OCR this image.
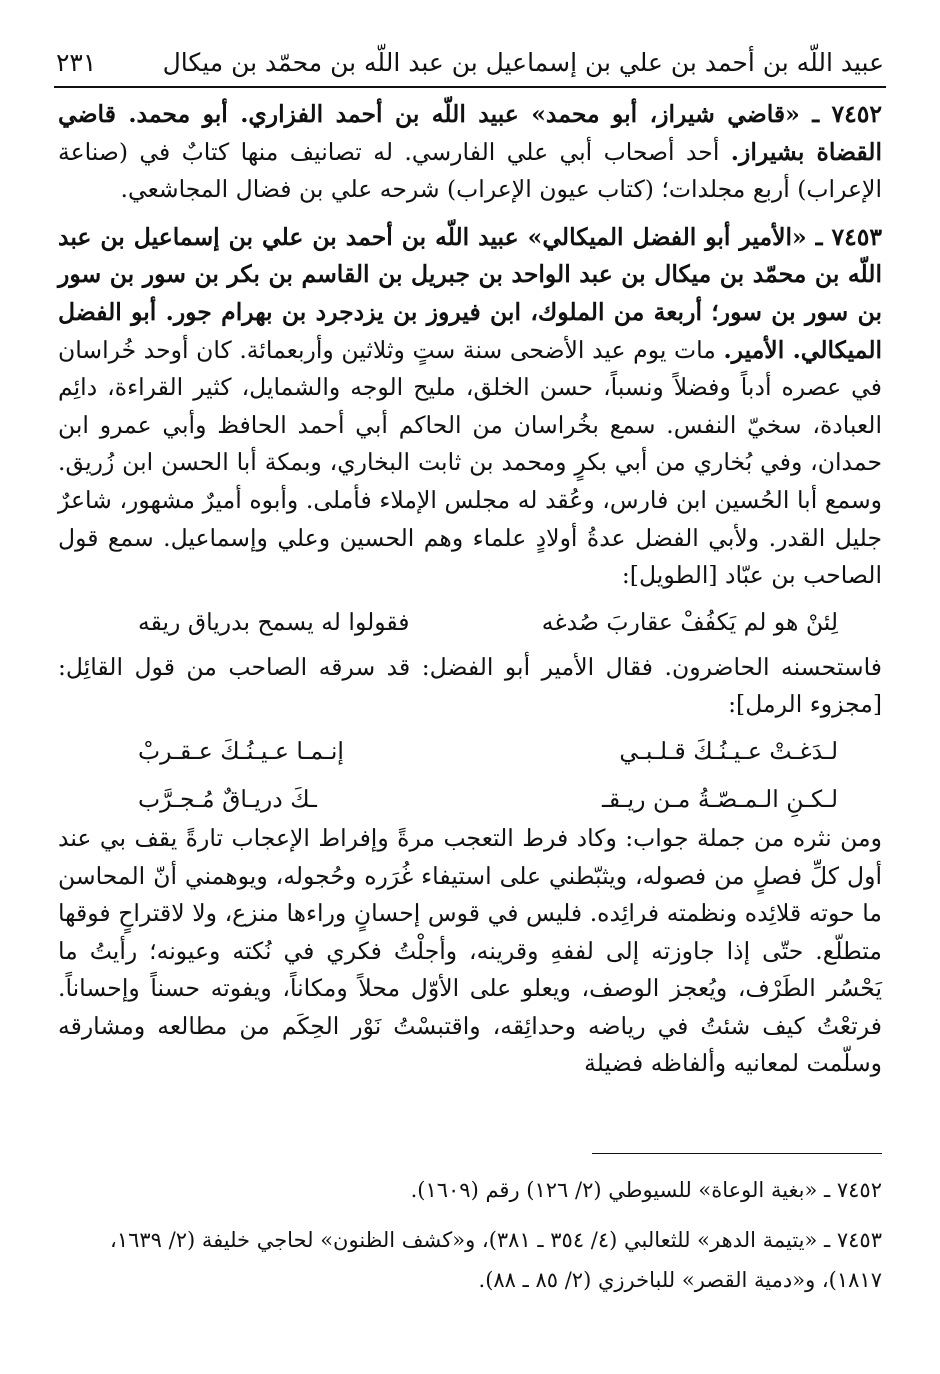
عبيد اللّه بن أحمد بن علي بن إسماعيل بن عبد اللّه بن محمّد بن ميكال
٢٣١

٧٤٥٢ ـ «قاضي شيراز، أبو محمد» عبيد اللّه بن أحمد الفزاري. أبو محمد. قاضي القضاة بشيراز. أحد أصحاب أبي علي الفارسي. له تصانيف منها كتابٌ في (صناعة الإعراب) أربع مجلدات؛ (كتاب عيون الإعراب) شرحه علي بن فضال المجاشعي.

٧٤٥٣ ـ «الأمير أبو الفضل الميكالي» عبيد اللّه بن أحمد بن علي بن إسماعيل بن عبد اللّه بن محمّد بن ميكال بن عبد الواحد بن جبريل بن القاسم بن بكر بن سور بن سور بن سور بن سور؛ أربعة من الملوك، ابن فيروز بن يزدجرد بن بهرام جور. أبو الفضل الميكالي. الأمير. مات يوم عيد الأضحى سنة ستٍ وثلاثين وأربعمائة. كان أوحد خُراسان في عصره أدباً وفضلاً ونسباً، حسن الخلق، مليح الوجه والشمايل، كثير القراءة، دائِم العبادة، سخيّ النفس. سمع بخُراسان من الحاكم أبي أحمد الحافظ وأبي عمرو ابن حمدان، وفي بُخاري من أبي بكرٍ ومحمد بن ثابت البخاري، وبمكة أبا الحسن ابن زُريق. وسمع أبا الحُسين ابن فارس، وعُقد له مجلس الإملاء فأملى. وأبوه أميرٌ مشهور، شاعرٌ جليل القدر. ولأبي الفضل عدةُ أولادٍ علماء وهم الحسين وعلي وإسماعيل. سمع قول الصاحب بن عبّاد [الطويل]:

لِئنْ هو لم يَكفُفْ عقاربَ صُدغه
فقولوا له يسمح بدرياق ريقه

فاستحسنه الحاضرون. فقال الأمير أبو الفضل: قد سرقه الصاحب من قول القائِل: [مجزوء الرمل]:

لـدَغـتْ عـيـنُـكَ قـلـبـي
إنـمـا عـيـنُـكَ عـقـربْ
لـكـنِ الـمـصّـةُ مـن ريـقـ
ـكَ دريـاقٌ مُـجـرَّب

ومن نثره من جملة جواب: وكاد فرط التعجب مرةً وإفراط الإعجاب تارةً يقف بي عند أول كلِّ فصلٍ من فصوله، ويثبّطني على استيفاء غُرَره وحُجوله، ويوهمني أنّ المحاسن ما حوته قلائِده ونظمته فرائِده. فليس في قوس إحسانٍ وراءها منزع، ولا لاقتراحٍ فوقها متطلّع. حتّى إذا جاوزته إلى لففهِ وقرينه، وأجلْتُ فكري في نُكته وعيونه؛ رأيتُ ما يَحْسُر الطَرْف، ويُعجز الوصف، ويعلو على الأوّل محلاً ومكاناً، ويفوته حسناً وإحساناً. فرتعْتُ كيف شئتُ في رياضه وحدائِقه، واقتبسْتُ نَوْر الحِكَم من مطالعه ومشارقه وسلّمت لمعانيه وألفاظه فضيلة

٧٤٥٢ ـ «بغية الوعاة» للسيوطي (٢/ ١٢٦) رقم (١٦٠٩).

٧٤٥٣ ـ «يتيمة الدهر» للثعالبي (٤/ ٣٥٤ ـ ٣٨١)، و«كشف الظنون» لحاجي خليفة (٢/ ١٦٣٩، ١٨١٧)، و«دمية القصر» للباخرزي (٢/ ٨٥ ـ ٨٨).
